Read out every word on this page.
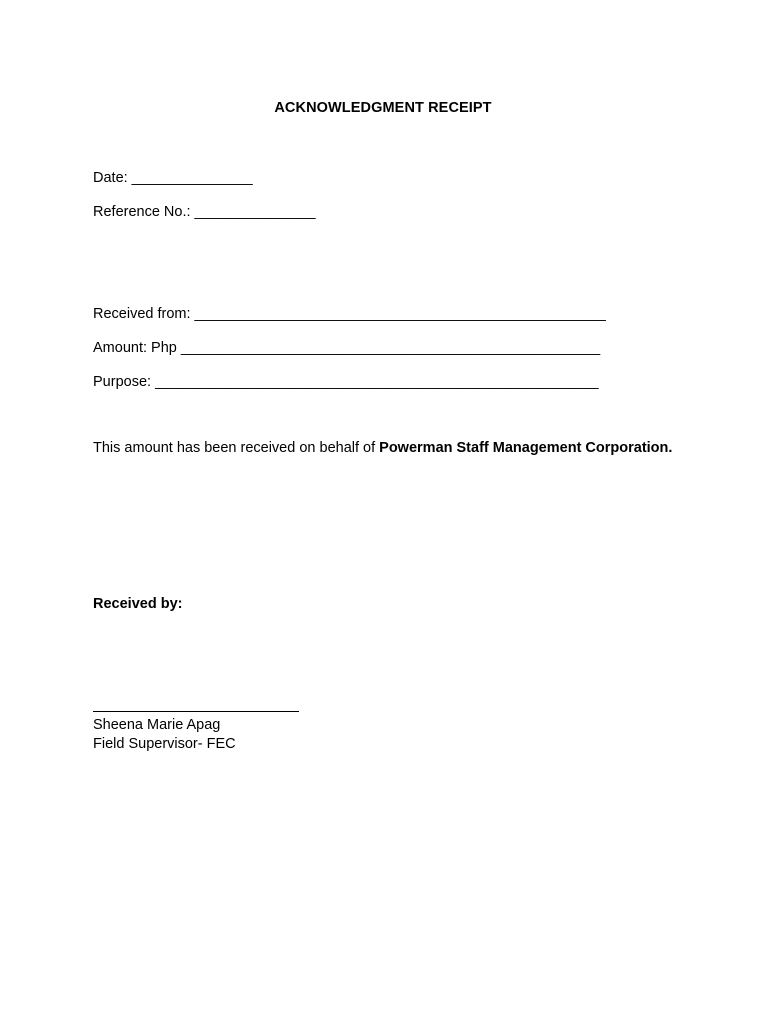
ACKNOWLEDGMENT RECEIPT
Date: _______________
Reference No.: _______________
Received from: ___________________________________________________
Amount: Php ____________________________________________________
Purpose: _______________________________________________________
This amount has been received on behalf of Powerman Staff Management Corporation.
Received by:
Sheena Marie Apag
Field Supervisor- FEC
